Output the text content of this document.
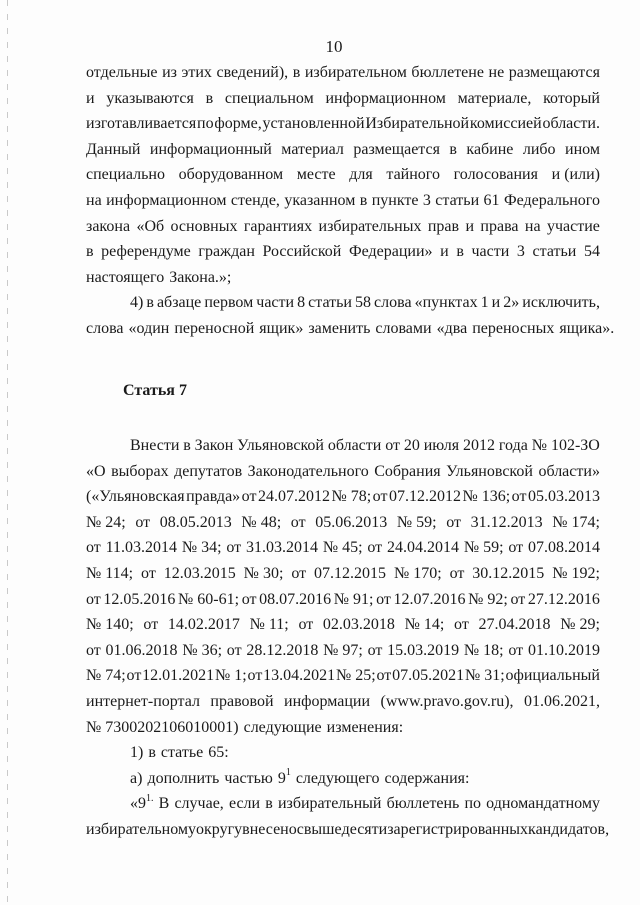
10
отдельные из этих сведений), в избирательном бюллетене не размещаются
и указываются в специальном информационном материале, который
изготавливается по форме, установленной Избирательной комиссией области.
Данный информационный материал размещается в кабине либо ином
специально оборудованном месте для тайного голосования и (или)
на информационном стенде, указанном в пункте 3 статьи 61 Федерального
закона «Об основных гарантиях избирательных прав и права на участие
в референдуме граждан Российской Федерации» и в части 3 статьи 54
настоящего Закона.»;
4) в абзаце первом части 8 статьи 58 слова «пунктах 1 и 2» исключить,
слова «один переносной ящик» заменить словами «два переносных ящика».
Статья 7
Внести в Закон Ульяновской области от 20 июля 2012 года № 102-ЗО
«О выборах депутатов Законодательного Собрания Ульяновской области»
(«Ульяновская правда» от 24.07.2012 № 78; от 07.12.2012 № 136; от 05.03.2013
№ 24; от 08.05.2013 № 48; от 05.06.2013 № 59; от 31.12.2013 № 174;
от 11.03.2014 № 34; от 31.03.2014 № 45; от 24.04.2014 № 59; от 07.08.2014
№ 114; от 12.03.2015 № 30; от 07.12.2015 № 170; от 30.12.2015 № 192;
от 12.05.2016 № 60-61; от 08.07.2016 № 91; от 12.07.2016 № 92; от 27.12.2016
№ 140; от 14.02.2017 № 11; от 02.03.2018 № 14; от 27.04.2018 № 29;
от 01.06.2018 № 36; от 28.12.2018 № 97; от 15.03.2019 № 18; от 01.10.2019
№ 74; от 12.01.2021 № 1; от 13.04.2021 № 25; от 07.05.2021 № 31; официальный
интернет-портал правовой информации (www.pravo.gov.ru), 01.06.2021,
№ 7300202106010001) следующие изменения:
1) в статье 65:
а) дополнить частью $9^1$ следующего содержания:
«$9^{1.}$ В случае, если в избирательный бюллетень по одномандатному
избирательному округу внесено свыше десяти зарегистрированных кандидатов,
